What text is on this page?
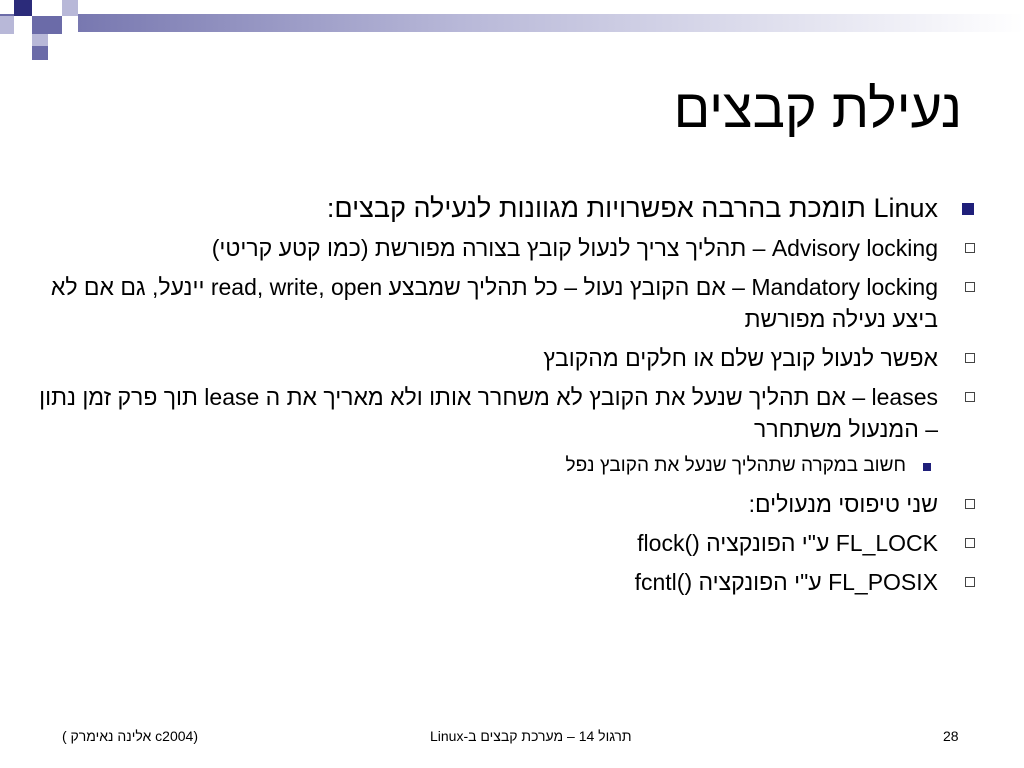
נעילת קבצים
Linux תומכת בהרבה אפשרויות מגוונות לנעילה קבצים:
Advisory locking – תהליך צריך לנעול קובץ בצורה מפורשת (כמו קטע קריטי)
Mandatory locking – אם הקובץ נעול – כל תהליך שמבצע read, write, open יינעל, גם אם לא ביצע נעילה מפורשת
אפשר לנעול קובץ שלם או חלקים מהקובץ
leases – אם תהליך שנעל את הקובץ לא משחרר אותו ולא מאריך את ה lease תוך פרק זמן נתון – המנעול משתחרר
חשוב במקרה שתהליך שנעל את הקובץ נפל
שני טיפוסי מנעולים:
FL_LOCK ע"י הפונקציה ()flock
FL_POSIX ע"י הפונקציה ()fcntl
(c2004 אלינה נאימרק )	תרגול 14 – מערכת קבצים ב-Linux	28
